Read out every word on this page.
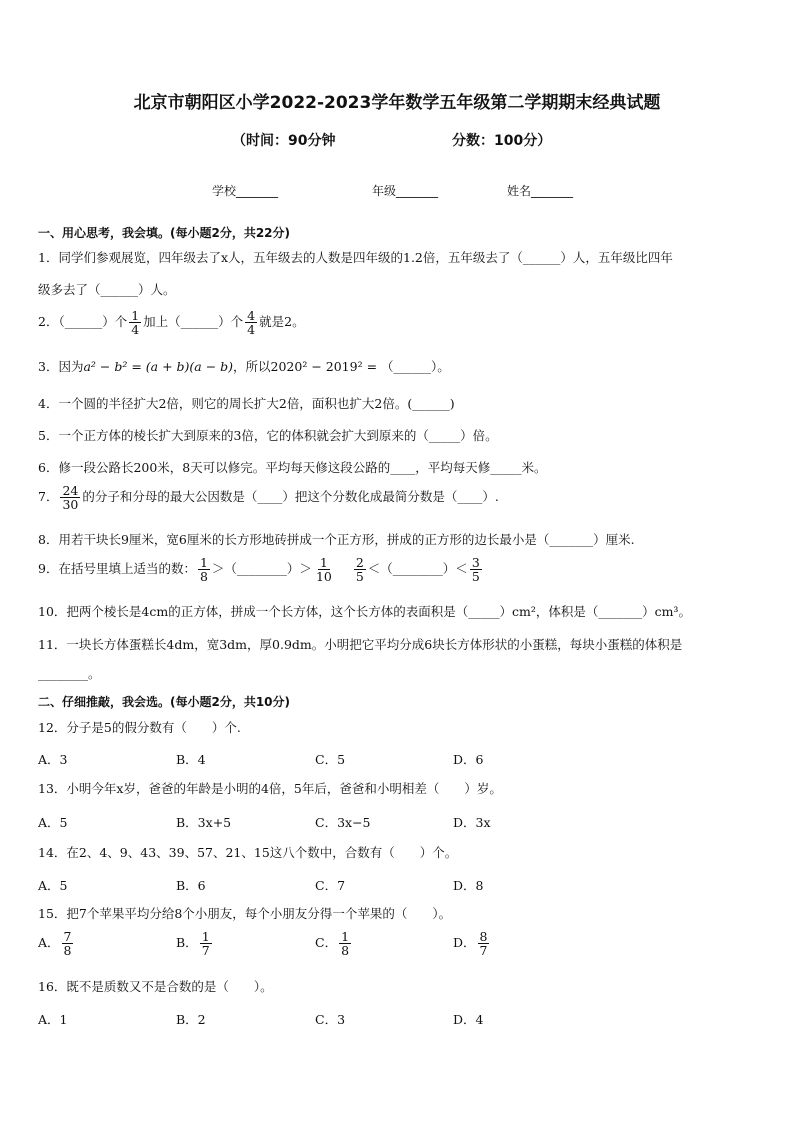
北京市朝阳区小学2022-2023学年数学五年级第二学期期末经典试题
（时间：90分钟	分数：100分）
学校_______	年级_______	姓名_______
一、用心思考，我会填。(每小题2分，共22分)
1．同学们参观展览，四年级去了x人，五年级去的人数是四年级的1.2倍，五年级去了（______）人，五年级比四年
级多去了（______）人。
2．（______）个 $\frac{1}{4}$ 加上（______）个 $\frac{4}{4}$ 就是2。
3．因为a² − b² = (a + b)(a − b)，所以2020² − 2019² = （______）。
4．一个圆的半径扩大2倍，则它的周长扩大2倍，面积也扩大2倍。(______)
5．一个正方体的棱长扩大到原来的3倍，它的体积就会扩大到原来的（_____）倍。
6．修一段公路长200米，8天可以修完。平均每天修这段公路的____，平均每天修_____米。
7． $\frac{24}{30}$ 的分子和分母的最大公因数是（____）把这个分数化成最简分数是（____）.
8．用若干块长9厘米，宽6厘米的长方形地砖拼成一个正方形，拼成的正方形的边长最小是（_______）厘米.
9．在括号里填上适当的数： $\frac{1}{8}$ ＞（________）＞ $\frac{1}{10} \frac{2}{5}$ ＜（________）＜ $\frac{3}{5}$
10．把两个棱长是4cm的正方体，拼成一个长方体，这个长方体的表面积是（_____）cm²，体积是（_______）cm³。
11．一块长方体蛋糕长4dm，宽3dm，厚0.9dm。小明把它平均分成6块长方体形状的小蛋糕，每块小蛋糕的体积是
________。
二、仔细推敲，我会选。(每小题2分，共10分)
12．分子是5的假分数有（　　）个.
A．3	B．4	C．5	D．6
13．小明今年x岁，爸爸的年龄是小明的4倍，5年后，爸爸和小明相差（　　）岁。
A．5	B．3x+5	C．3x−5	D．3x
14．在2、4、9、43、39、57、21、15这八个数中，合数有（　　）个。
A．5	B．6	C．7	D．8
15．把7个苹果平均分给8个小朋友，每个小朋友分得一个苹果的（　　）。
A． $\frac{7}{8}$	B． $\frac{1}{7}$	C． $\frac{1}{8}$	D． $\frac{8}{7}$
16．既不是质数又不是合数的是（　　）。
A．1	B．2	C．3	D．4
